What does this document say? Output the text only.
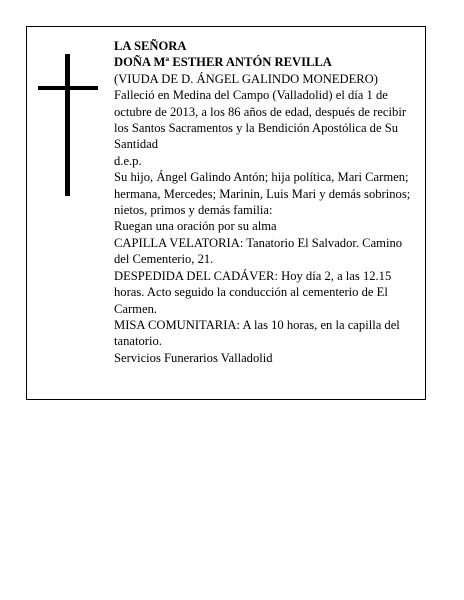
LA SEÑORA

DOÑA Mª ESTHER ANTÓN REVILLA

(VIUDA DE D. ÁNGEL GALINDO MONEDERO)

Falleció en Medina del Campo (Valladolid) el día 1 de octubre de 2013, a los 86 años de edad, después de recibir los Santos Sacramentos y la Bendición Apostólica de Su Santidad

d.e.p.

Su hijo, Ángel Galindo Antón; hija política, Mari Carmen; hermana, Mercedes; Marinin, Luis Mari y demás sobrinos; nietos, primos y demás familia:

Ruegan una oración por su alma

CAPILLA VELATORIA: Tanatorio El Salvador. Camino del Cementerio, 21.

DESPEDIDA DEL CADÁVER: Hoy día 2, a las 12.15 horas. Acto seguido la conducción al cementerio de El Carmen.

MISA COMUNITARIA: A las 10 horas, en la capilla del tanatorio.

Servicios Funerarios Valladolid
